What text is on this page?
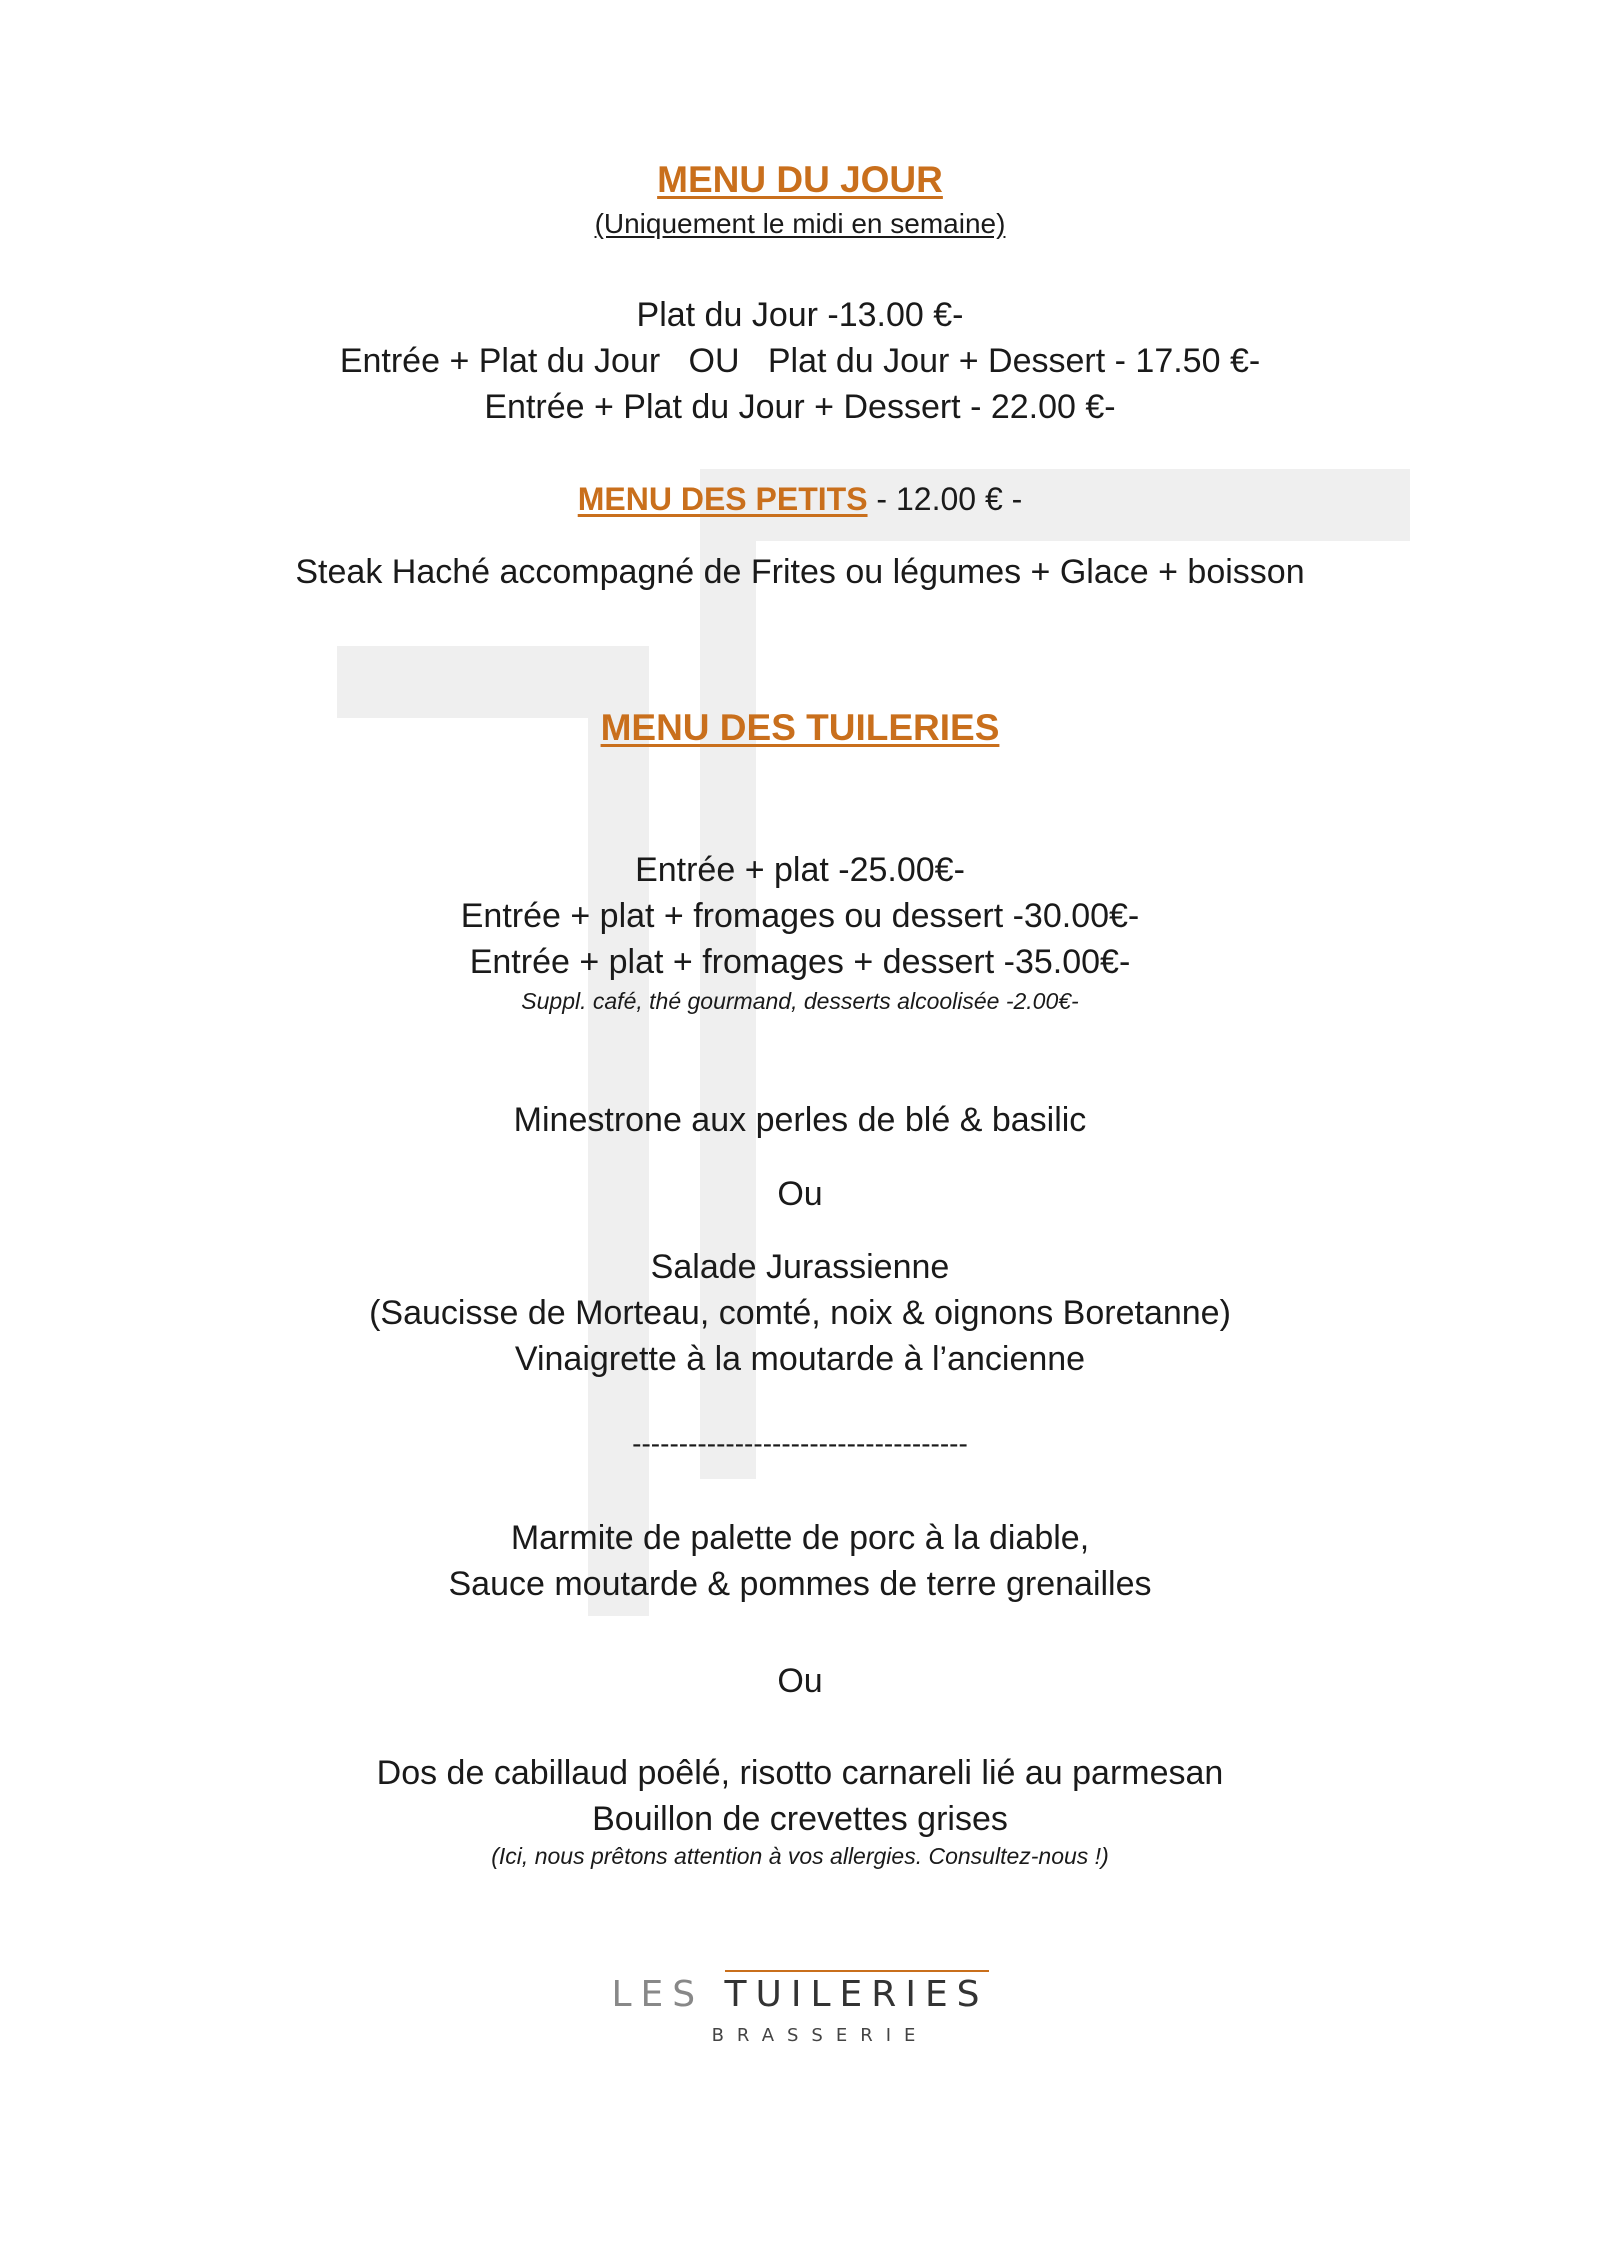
MENU DU JOUR
(Uniquement le midi en semaine)
Plat du Jour -13.00 €-
Entrée + Plat du Jour   OU   Plat du Jour + Dessert - 17.50 €-
Entrée + Plat du Jour + Dessert - 22.00 €-
MENU DES PETITS - 12.00 € -
Steak Haché accompagné de Frites ou légumes + Glace + boisson
MENU DES TUILERIES
Entrée + plat -25.00€-
Entrée + plat + fromages ou dessert -30.00€-
Entrée + plat + fromages + dessert -35.00€-
Suppl. café, thé gourmand, desserts alcoolisée -2.00€-
Minestrone aux perles de blé & basilic
Ou
Salade Jurassienne
(Saucisse de Morteau, comté, noix & oignons Boretanne)
Vinaigrette à la moutarde à l’ancienne
------------------------------------
Marmite de palette de porc à la diable,
Sauce moutarde & pommes de terre grenailles
Ou
Dos de cabillaud poêlé, risotto carnareli lié au parmesan
Bouillon de crevettes grises
(Ici, nous prêtons attention à vos allergies. Consultez-nous !)
LES TUILERIES
BRASSERIE
